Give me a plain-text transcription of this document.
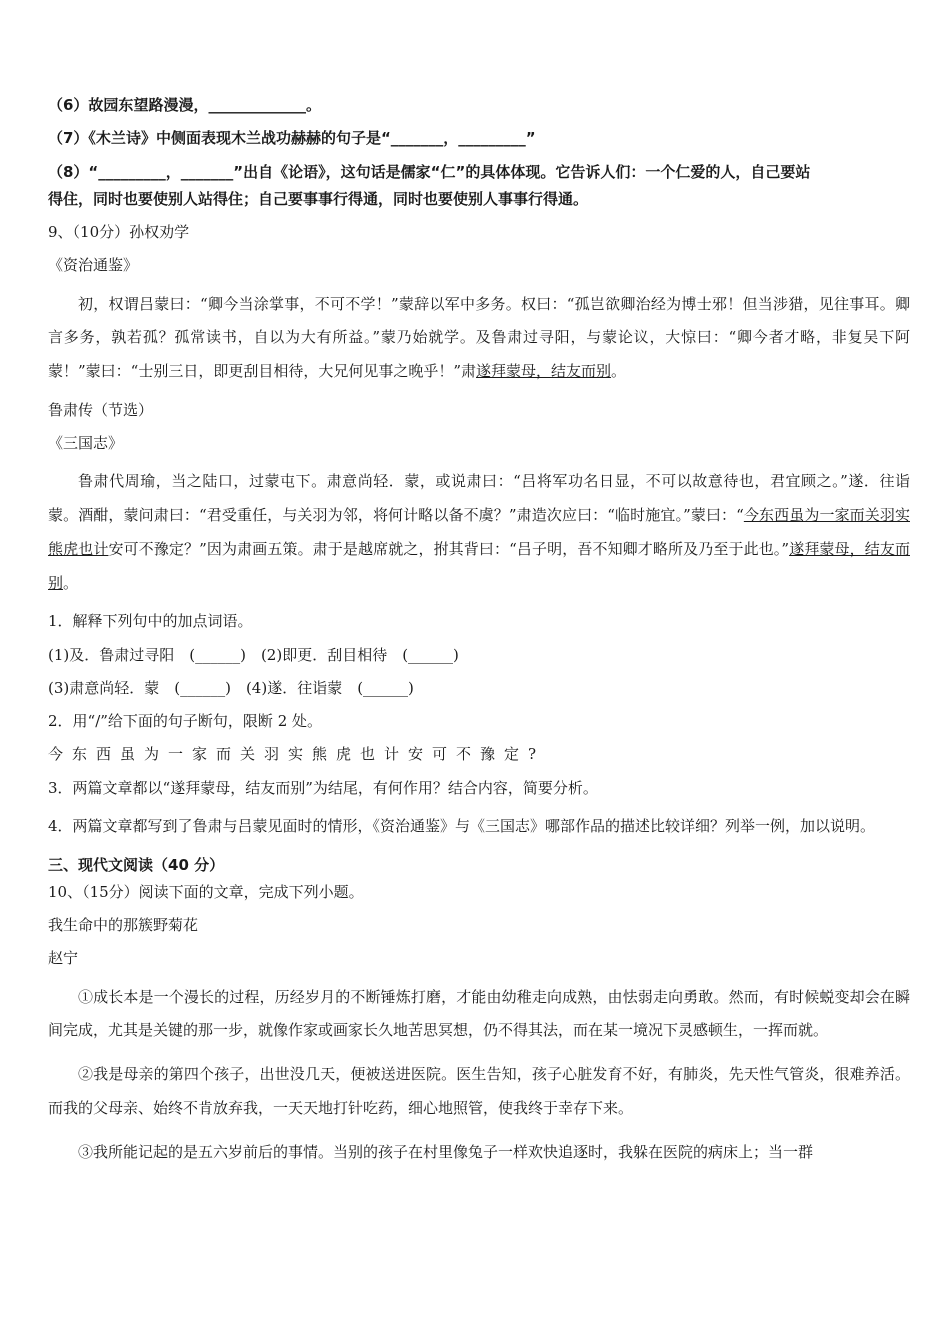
（6）故园东望路漫漫，_____________。

（7）《木兰诗》中侧面表现木兰战功赫赫的句子是“_______，_________”

（8）“_________，_______”出自《论语》，这句话是儒家“仁”的具体体现。它告诉人们：一个仁爱的人，自己要站

得住，同时也要使别人站得住；自己要事事行得通，同时也要使别人事事行得通。

9、（10分）孙权劝学

《资治通鉴》

初，权谓吕蒙曰：“卿今当涂掌事，不可不学！”蒙辞以军中多务。权曰：“孤岂欲卿治经为博士邪！但当涉猎，见往事耳。卿言多务，孰若孤？孤常读书，自以为大有所益。”蒙乃始就学。及鲁肃过寻阳，与蒙论议，大惊曰：“卿今者才略，非复吴下阿蒙！”蒙曰：“士别三日，即更刮目相待，大兄何见事之晚乎！”肃遂拜蒙母，结友而别。

鲁肃传（节选）

《三国志》

鲁肃代周瑜，当之陆口，过蒙屯下。肃意尚轻．蒙，或说肃曰：“吕将军功名日显，不可以故意待也，君宜顾之。”遂．往诣蒙。酒酣，蒙问肃曰：“君受重任，与关羽为邻，将何计略以备不虞？”肃造次应曰：“临时施宜。”蒙曰：“今东西虽为一家而关羽实熊虎也计安可不豫定？”因为肃画五策。肃于是越席就之，拊其背曰：“吕子明，吾不知卿才略所及乃至于此也。”遂拜蒙母，结友而别。

1．解释下列句中的加点词语。

(1)及．鲁肃过寻阳　(______)　(2)即更．刮目相待　(______)

(3)肃意尚轻．蒙　(______)　(4)遂．往诣蒙　(______)

2．用“/”给下面的句子断句，限断 2 处。

今东西虽为一家而关羽实熊虎也计安可不豫定?

3．两篇文章都以“遂拜蒙母，结友而别”为结尾，有何作用？结合内容，简要分析。

4．两篇文章都写到了鲁肃与吕蒙见面时的情形，《资治通鉴》与《三国志》哪部作品的描述比较详细？列举一例，加以说明。

三、现代文阅读（40 分）

10、（15分）阅读下面的文章，完成下列小题。

我生命中的那簇野菊花

赵宁

①成长本是一个漫长的过程，历经岁月的不断锤炼打磨，才能由幼稚走向成熟，由怯弱走向勇敢。然而，有时候蜕变却会在瞬间完成，尤其是关键的那一步，就像作家或画家长久地苦思冥想，仍不得其法，而在某一境况下灵感顿生，一挥而就。

②我是母亲的第四个孩子，出世没几天，便被送进医院。医生告知，孩子心脏发育不好，有肺炎，先天性气管炎，很难养活。而我的父母亲、始终不肯放弃我，一天天地打针吃药，细心地照管，使我终于幸存下来。

③我所能记起的是五六岁前后的事情。当别的孩子在村里像兔子一样欢快追逐时，我躲在医院的病床上；当一群
